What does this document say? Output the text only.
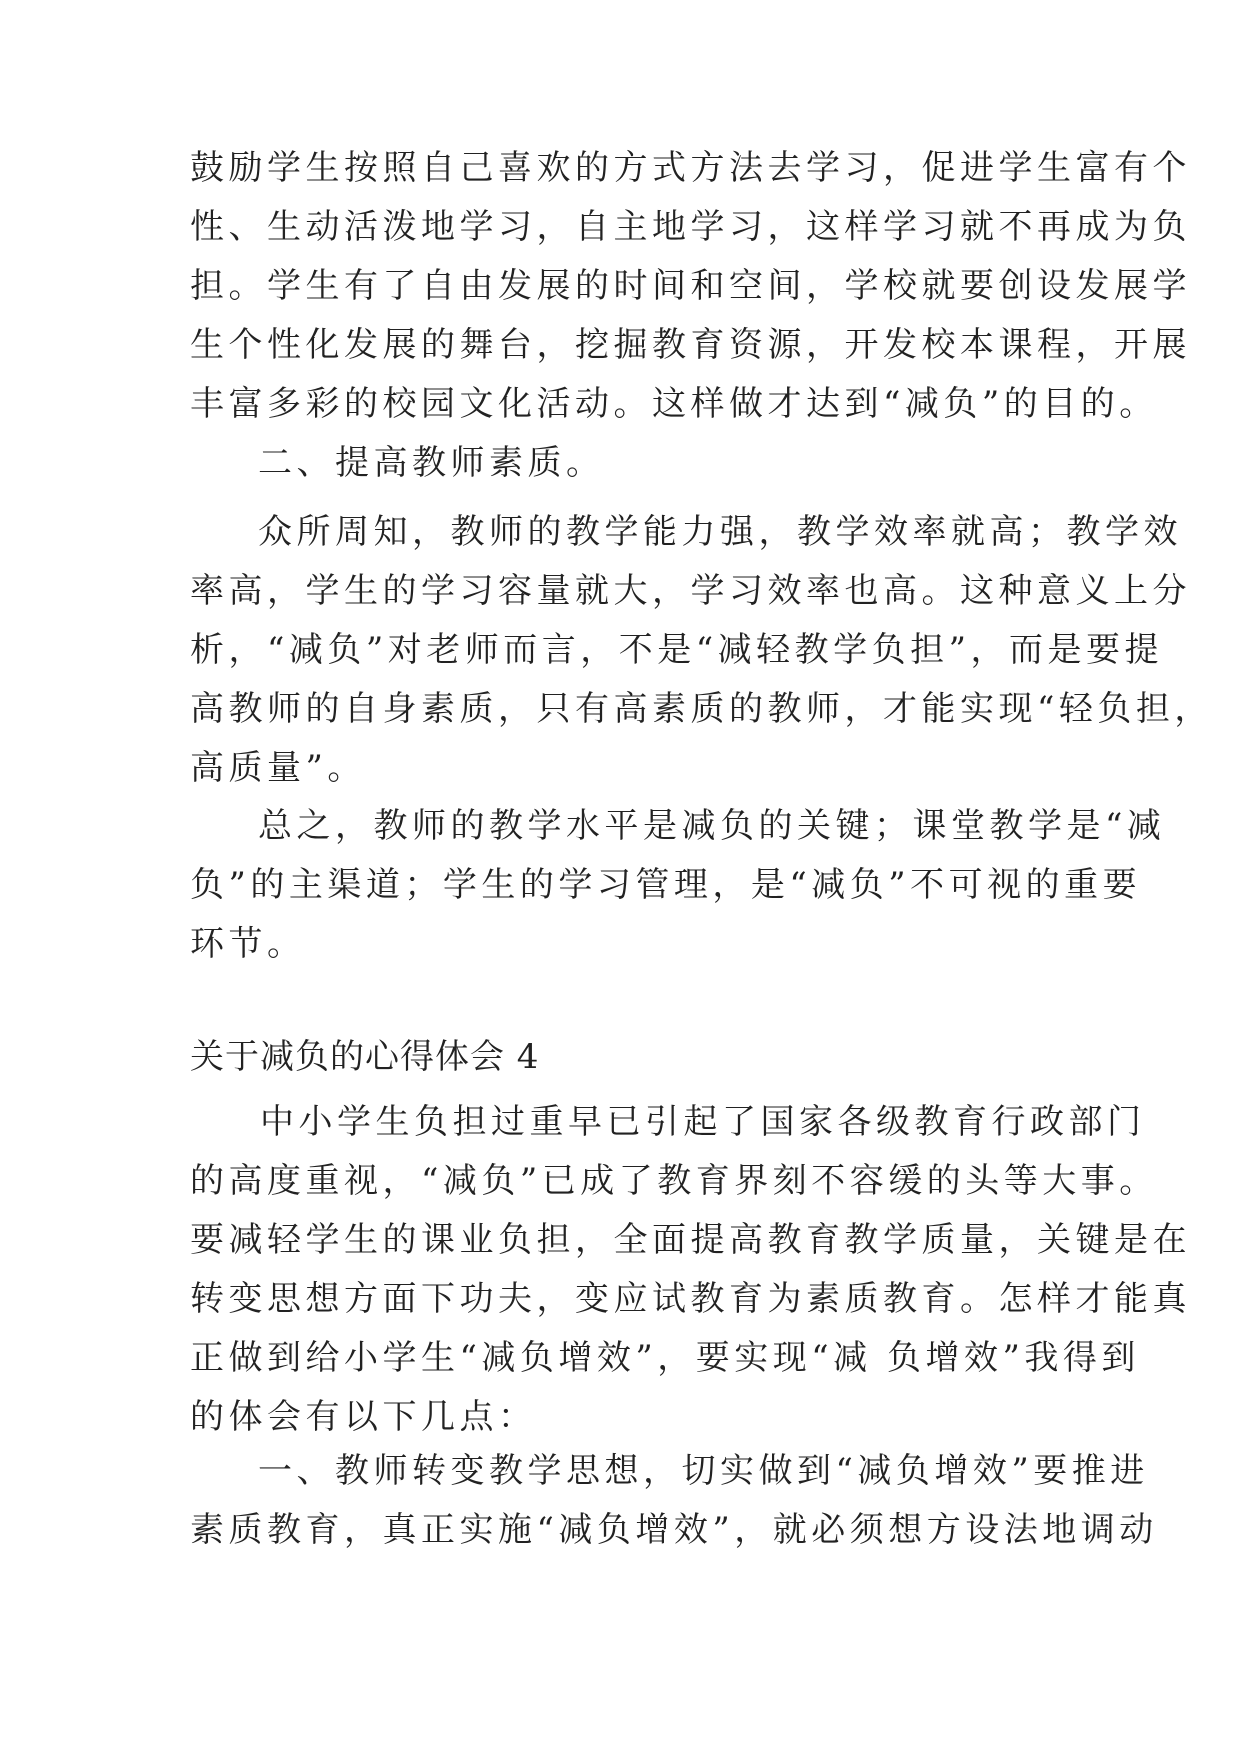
鼓励学生按照自己喜欢的方式方法去学习，促进学生富有个
性、生动活泼地学习，自主地学习，这样学习就不再成为负
担。学生有了自由发展的时间和空间，学校就要创设发展学
生个性化发展的舞台，挖掘教育资源，开发校本课程，开展
丰富多彩的校园文化活动。这样做才达到“减负”的目的。
二、提高教师素质。
众所周知，教师的教学能力强，教学效率就高；教学效
率高，学生的学习容量就大，学习效率也高。这种意义上分
析，“减负”对老师而言，不是“减轻教学负担”，而是要提
高教师的自身素质，只有高素质的教师，才能实现“轻负担，
高质量”。
总之，教师的教学水平是减负的关键；课堂教学是“减
负”的主渠道；学生的学习管理，是“减负”不可视的重要
环节。
关于减负的心得体会 4
中小学生负担过重早已引起了国家各级教育行政部门
的高度重视，“减负”已成了教育界刻不容缓的头等大事。
要减轻学生的课业负担，全面提高教育教学质量，关键是在
转变思想方面下功夫，变应试教育为素质教育。怎样才能真
正做到给小学生“减负增效”，要实现“减 负增效”我得到
的体会有以下几点：
一、教师转变教学思想，切实做到“减负增效”要推进
素质教育，真正实施“减负增效”，就必须想方设法地调动
